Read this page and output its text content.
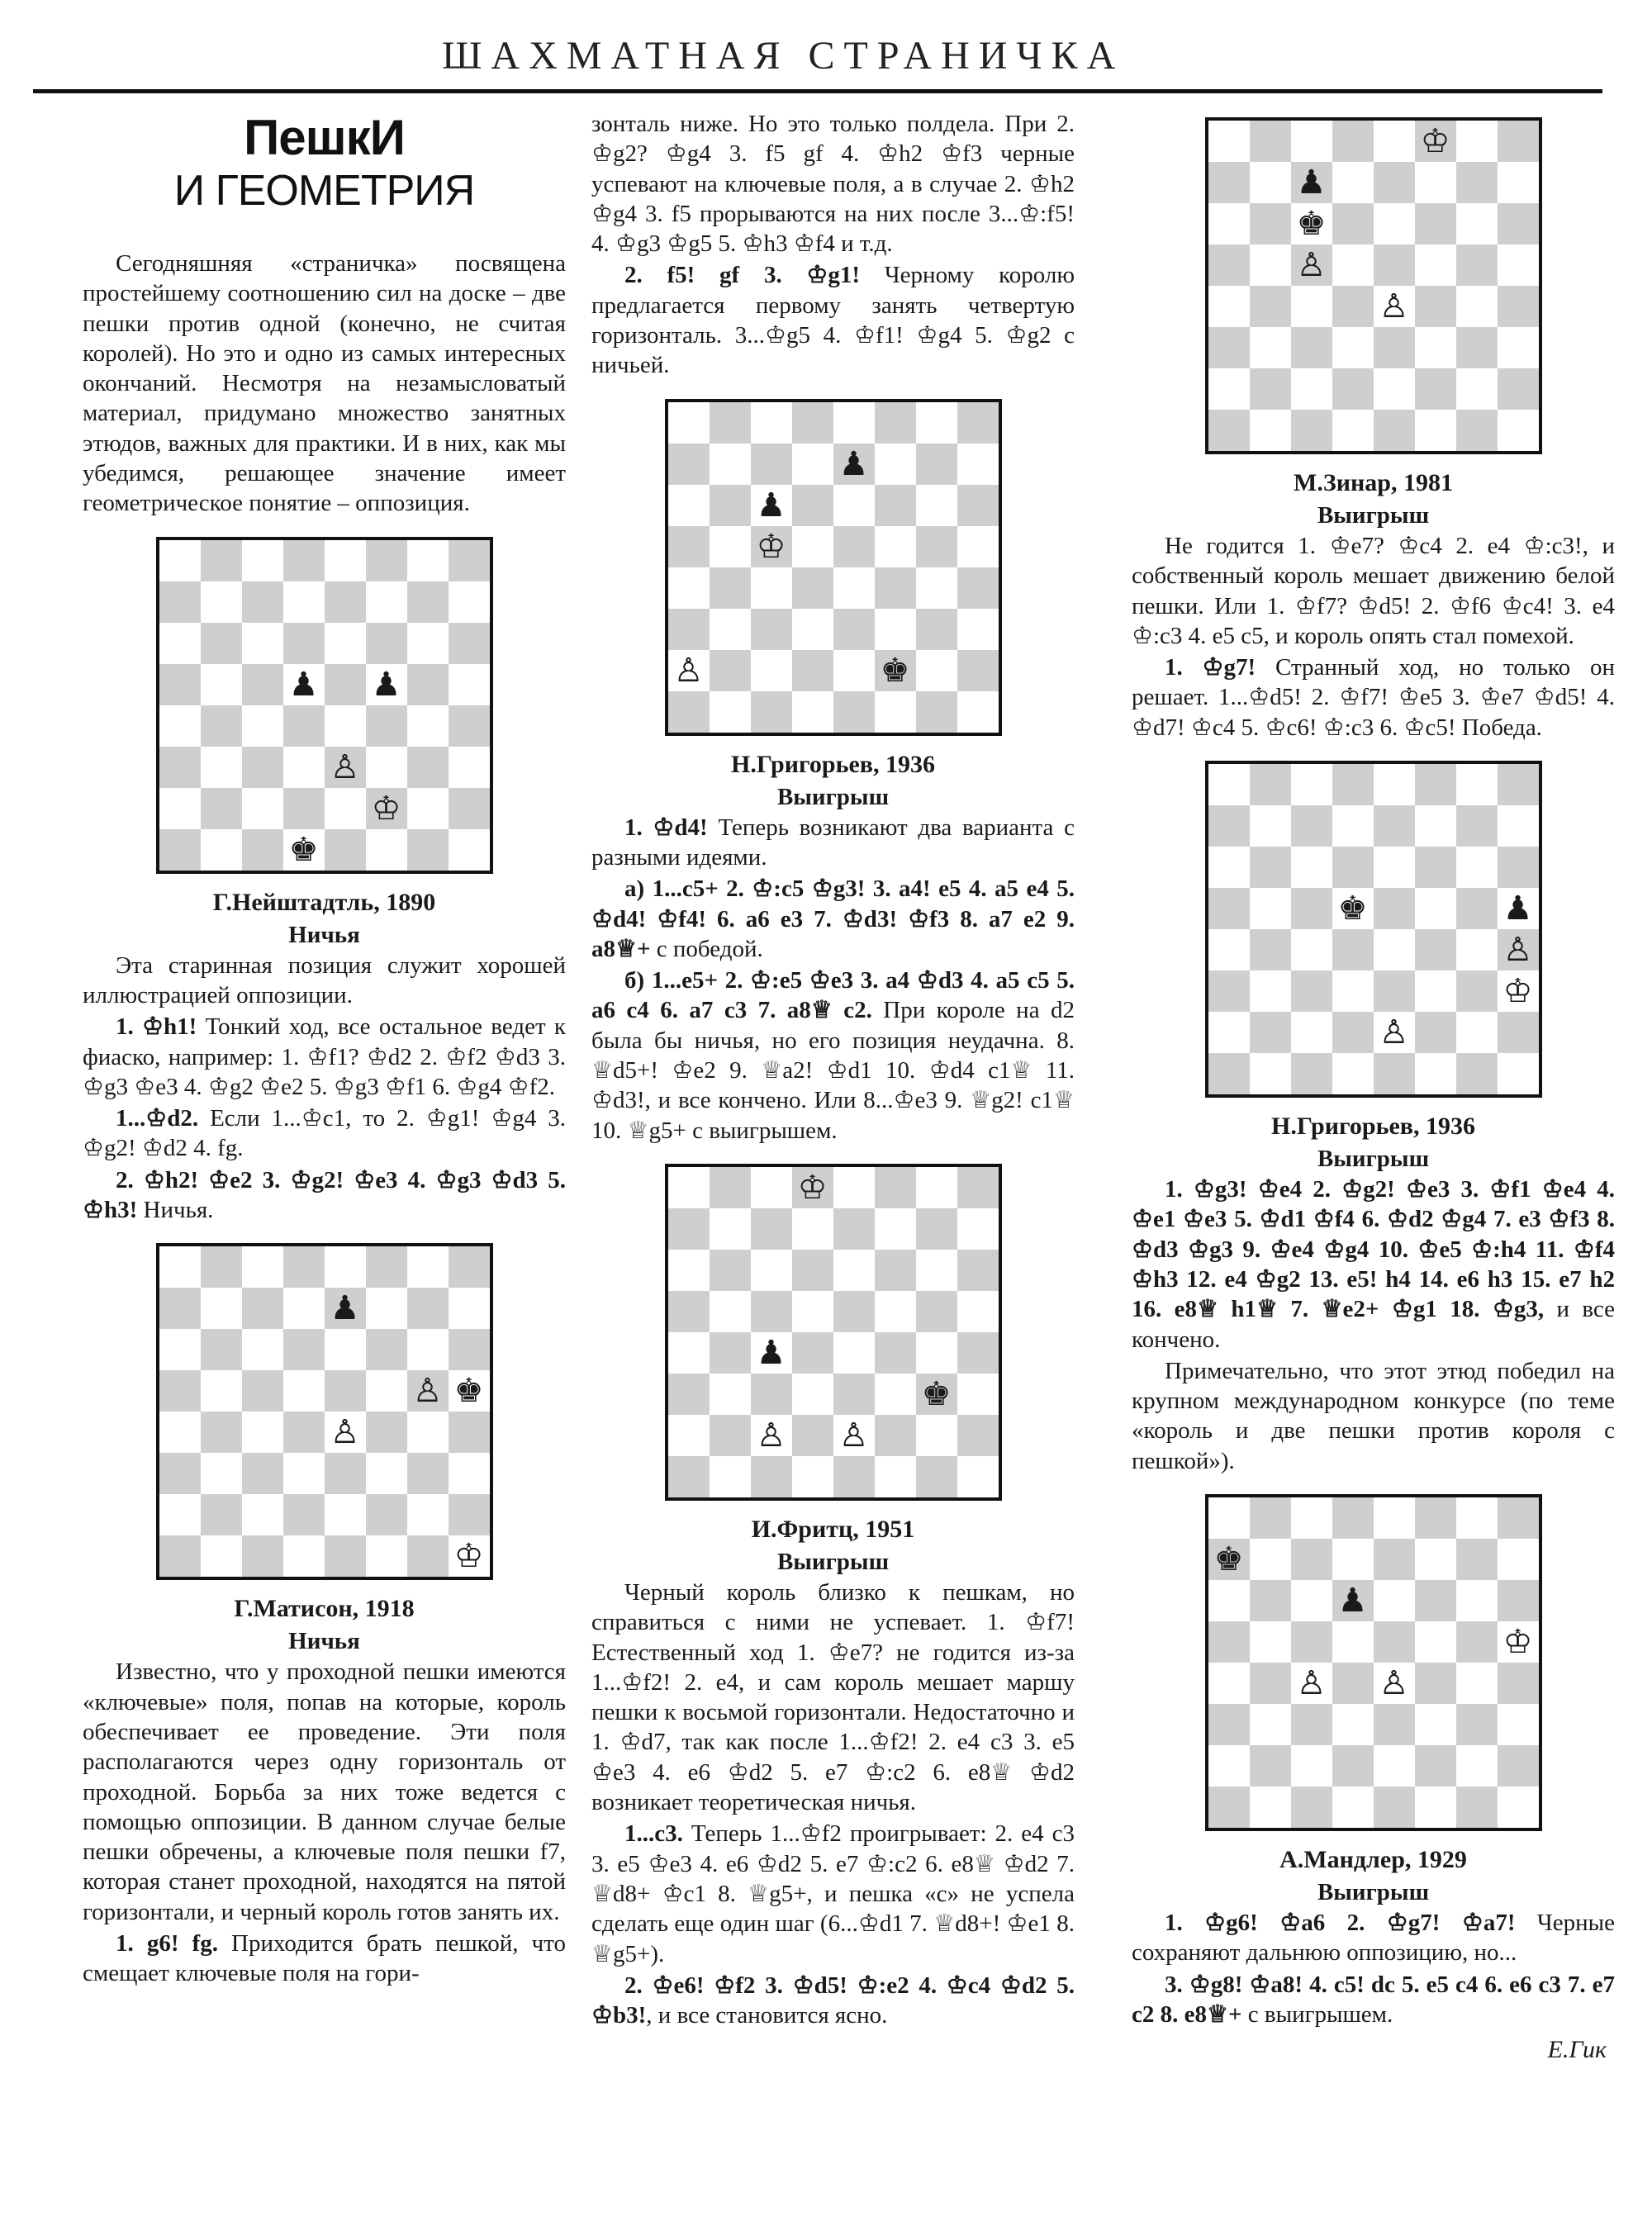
ШАХМАТНАЯ СТРАНИЧКА
ПешкИ
И ГЕОМЕТРИЯ

Сегодняшняя «страничка» посвящена простейшему соотношению сил на доске – две пешки против одной (конечно, не считая королей). Но это и одно из самых интересных окончаний. Несмотря на незамысловатый материал, придумано множество занятных этюдов, важных для практики. И в них, как мы убедимся, решающее значение имеет геометрическое понятие – оппозиция.

♟ ♟
♙
♔
♚
Г.Нейштадтль, 1890
Ничья

Эта старинная позиция служит хорошей иллюстрацией оппозиции.

1. ♔h1! Тонкий ход, все остальное ведет к фиаско, например: 1. ♔f1? ♔d2 2. ♔f2 ♔d3 3. ♔g3 ♔e3 4. ♔g2 ♔e2 5. ♔g3 ♔f1 6. ♔g4 ♔f2.

1...♔d2. Если 1...♔c1, то 2. ♔g1! ♔g4 3. ♔g2! ♔d2 4. fg.

2. ♔h2! ♔e2 3. ♔g2! ♔e3 4. ♔g3 ♔d3 5. ♔h3! Ничья.

♟
♙ ♚
♙
♔
Г.Матисон, 1918
Ничья

Известно, что у проходной пешки имеются «ключевые» поля, попав на которые, король обеспечивает ее проведение. Эти поля располагаются через одну горизонталь от проходной. Борьба за них тоже ведется с помощью оппозиции. В данном случае белые пешки обречены, а ключевые поля пешки f7, которая станет проходной, находятся на пятой горизонтали, и черный король готов занять их.

1. g6! fg. Приходится брать пешкой, что смещает ключевые поля на гори-

зонталь ниже. Но это только полдела. При 2. ♔g2? ♔g4 3. f5 gf 4. ♔h2 ♔f3 черные успевают на ключевые поля, а в случае 2. ♔h2 ♔g4 3. f5 прорываются на них после 3...♔:f5! 4. ♔g3 ♔g5 5. ♔h3 ♔f4 и т.д.

2. f5! gf 3. ♔g1! Черному королю предлагается первому занять четвертую горизонталь. 3...♔g5 4. ♔f1! ♔g4 5. ♔g2 с ничьей.

♟
♟
♔
♙	♚
Н.Григорьев, 1936
Выигрыш

1. ♔d4! Теперь возникают два варианта с разными идеями.

а) 1...c5+ 2. ♔:c5 ♔g3! 3. a4! e5 4. a5 e4 5. ♔d4! ♔f4! 6. a6 e3 7. ♔d3! ♔f3 8. a7 e2 9. a8♕+ с победой.

б) 1...e5+ 2. ♔:e5 ♔e3 3. a4 ♔d3 4. a5 c5 5. a6 c4 6. a7 c3 7. a8♕ c2. При короле на d2 была бы ничья, но его позиция неудачна. 8. ♕d5+! ♔e2 9. ♕a2! ♔d1 10. ♔d4 c1♕ 11. ♔d3!, и все кончено. Или 8...♔e3 9. ♕g2! c1♕ 10. ♕g5+ с выигрышем.

♔
♟
♚
♙ ♙
И.Фритц, 1951
Выигрыш

Черный король близко к пешкам, но справиться с ними не успевает. 1. ♔f7! Естественный ход 1. ♔e7? не годится из-за 1...♔f2! 2. e4, и сам король мешает маршу пешки к восьмой горизонтали. Недостаточно и 1. ♔d7, так как после 1...♔f2! 2. e4 c3 3. e5 ♔e3 4. e6 ♔d2 5. e7 ♔:c2 6. e8♕ ♔d2 возникает теоретическая ничья.

1...c3. Теперь 1...♔f2 проигрывает: 2. e4 c3 3. e5 ♔e3 4. e6 ♔d2 5. e7 ♔:c2 6. e8♕ ♔d2 7. ♕d8+ ♔c1 8. ♕g5+, и пешка «с» не успела сделать еще один шаг (6...♔d1 7. ♕d8+! ♔e1 8. ♕g5+).

2. ♔e6! ♔f2 3. ♔d5! ♔:e2 4. ♔c4 ♔d2 5. ♔b3!, и все становится ясно.

♔
♟
♚
♙
♙
М.Зинар, 1981
Выигрыш

Не годится 1. ♔e7? ♔c4 2. e4 ♔:c3!, и собственный король мешает движению белой пешки. Или 1. ♔f7? ♔d5! 2. ♔f6 ♔c4! 3. e4 ♔:c3 4. e5 c5, и король опять стал помехой.

1. ♔g7! Странный ход, но только он решает. 1...♔d5! 2. ♔f7! ♔e5 3. ♔e7 ♔d5! 4. ♔d7! ♔c4 5. ♔c6! ♔:c3 6. ♔c5! Победа.

♚	♟
♙
♔
♙
Н.Григорьев, 1936
Выигрыш

1. ♔g3! ♔e4 2. ♔g2! ♔e3 3. ♔f1 ♔e4 4. ♔e1 ♔e3 5. ♔d1 ♔f4 6. ♔d2 ♔g4 7. e3 ♔f3 8. ♔d3 ♔g3 9. ♔e4 ♔g4 10. ♔e5 ♔:h4 11. ♔f4 ♔h3 12. e4 ♔g2 13. e5! h4 14. e6 h3 15. e7 h2 16. e8♕ h1♕ 7. ♕e2+ ♔g1 18. ♔g3, и все кончено.

Примечательно, что этот этюд победил на крупном международном конкурсе (по теме «король и две пешки против короля с пешкой»).

♚
♟
♔
♙ ♙
А.Мандлер, 1929
Выигрыш

1. ♔g6! ♔a6 2. ♔g7! ♔a7! Черные сохраняют дальнюю оппозицию, но...

3. ♔g8! ♔a8! 4. c5! dc 5. e5 c4 6. e6 c3 7. e7 c2 8. e8♕+ с выигрышем.

Е.Гик
